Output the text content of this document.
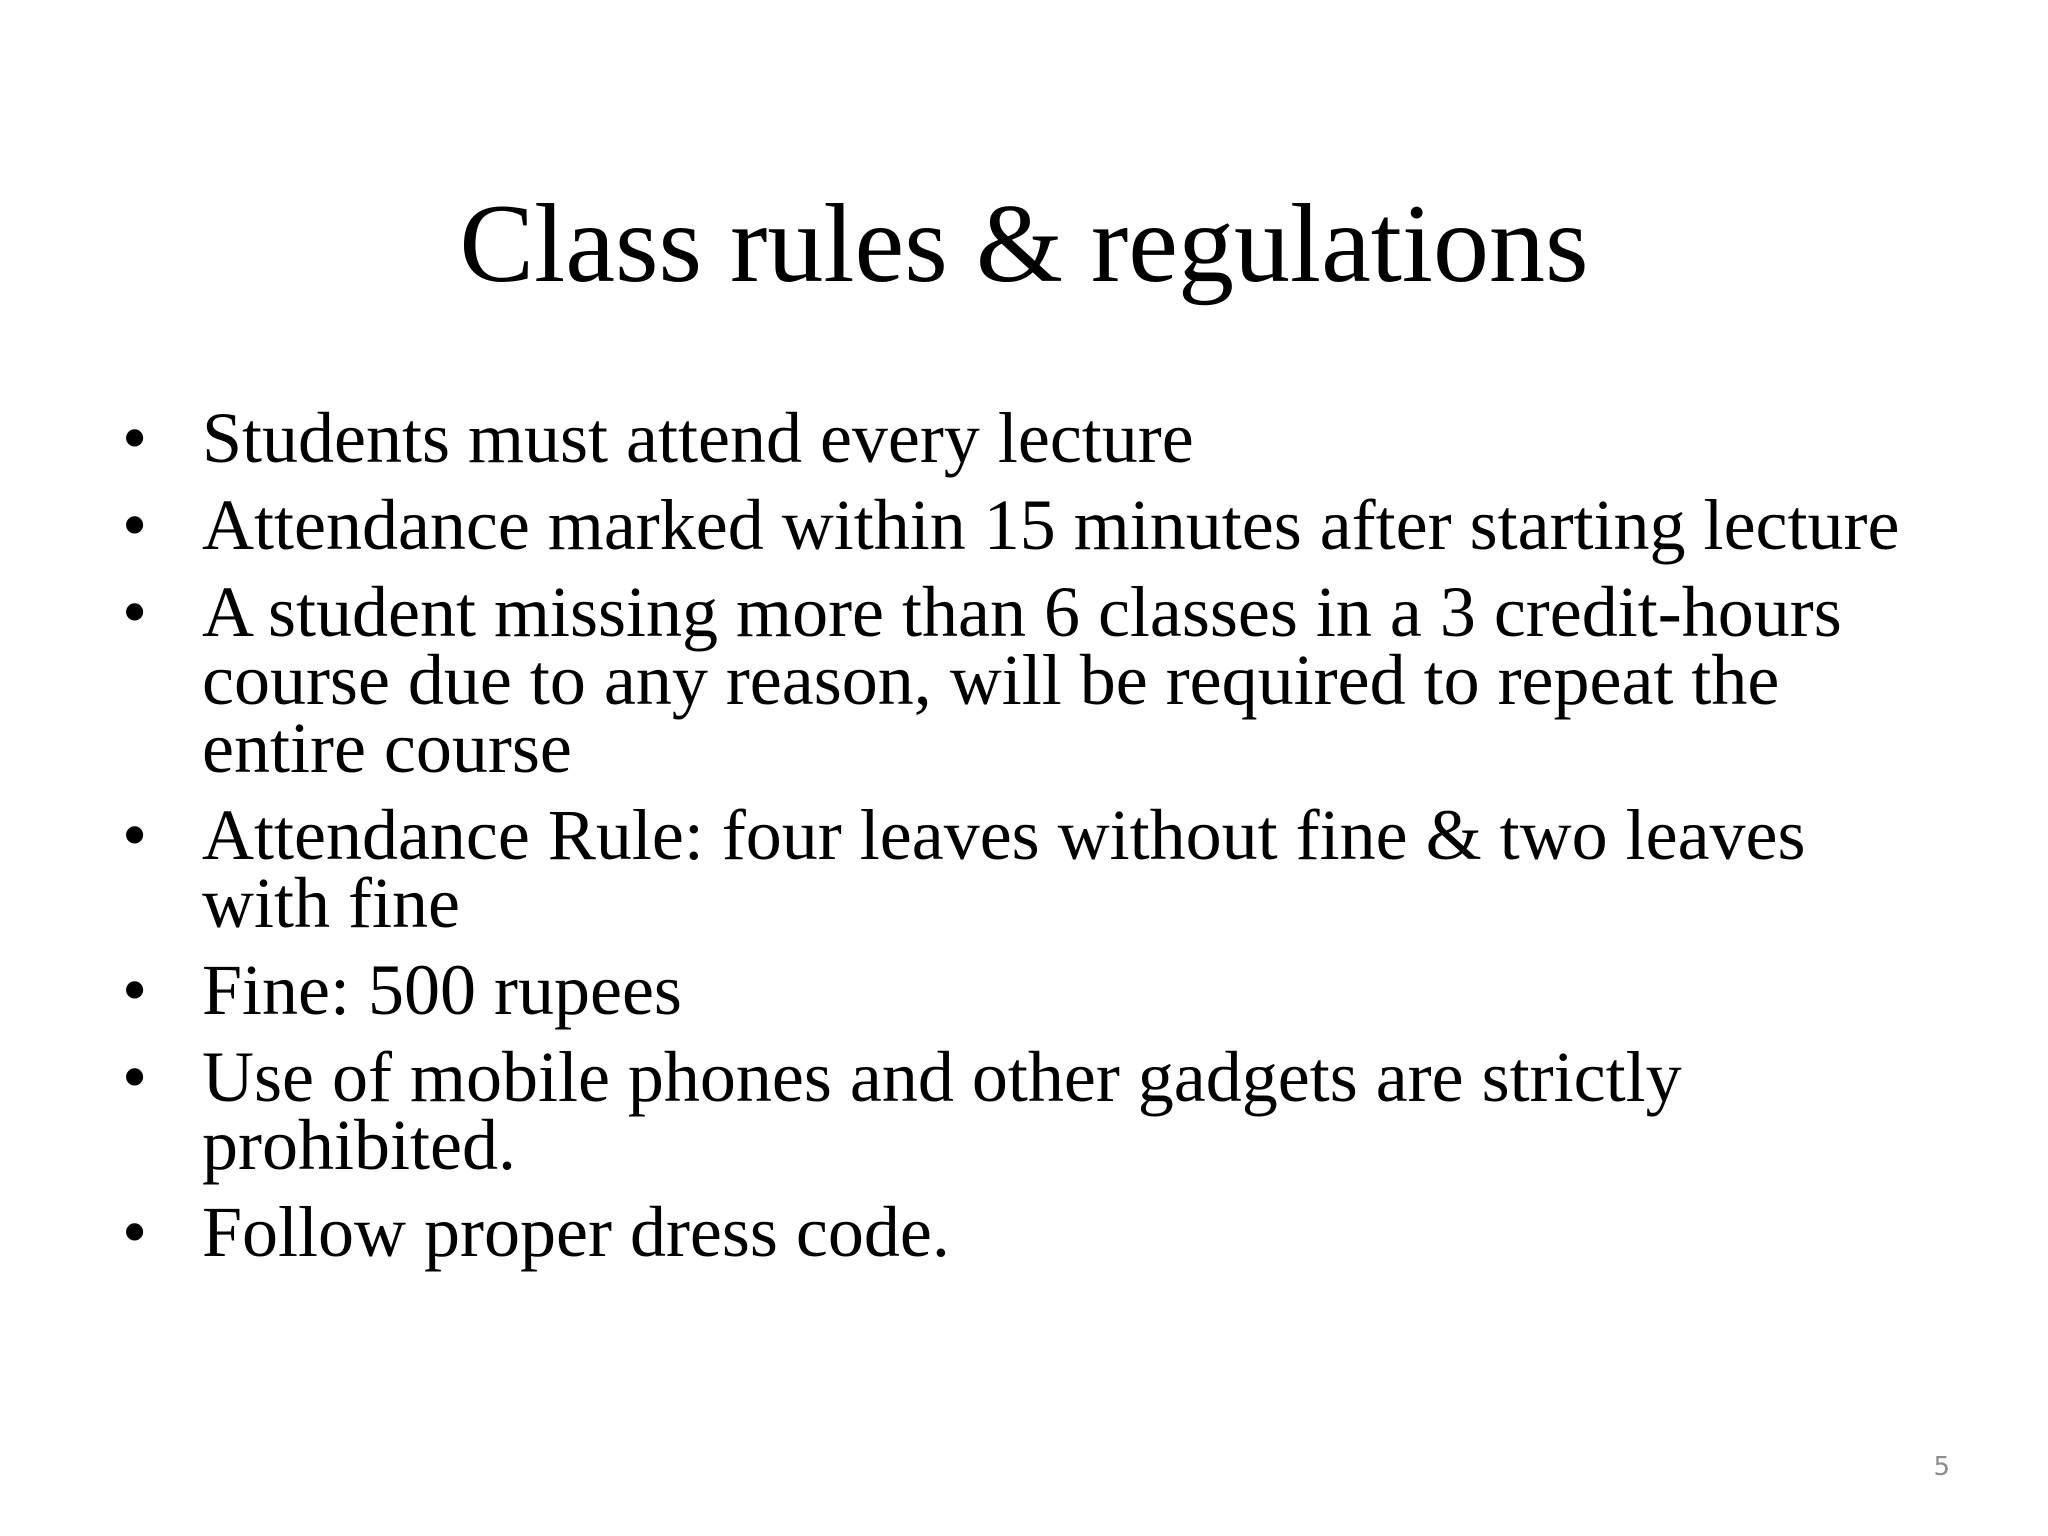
Class rules & regulations
• Students must attend every lecture
• Attendance marked within 15 minutes after starting lecture
• A student missing more than 6 classes in a 3 credit-hours course due to any reason, will be required to repeat the entire course
• Attendance Rule: four leaves without fine & two leaves with fine
• Fine: 500 rupees
• Use of mobile phones and other gadgets are strictly prohibited.
• Follow proper dress code.
5
